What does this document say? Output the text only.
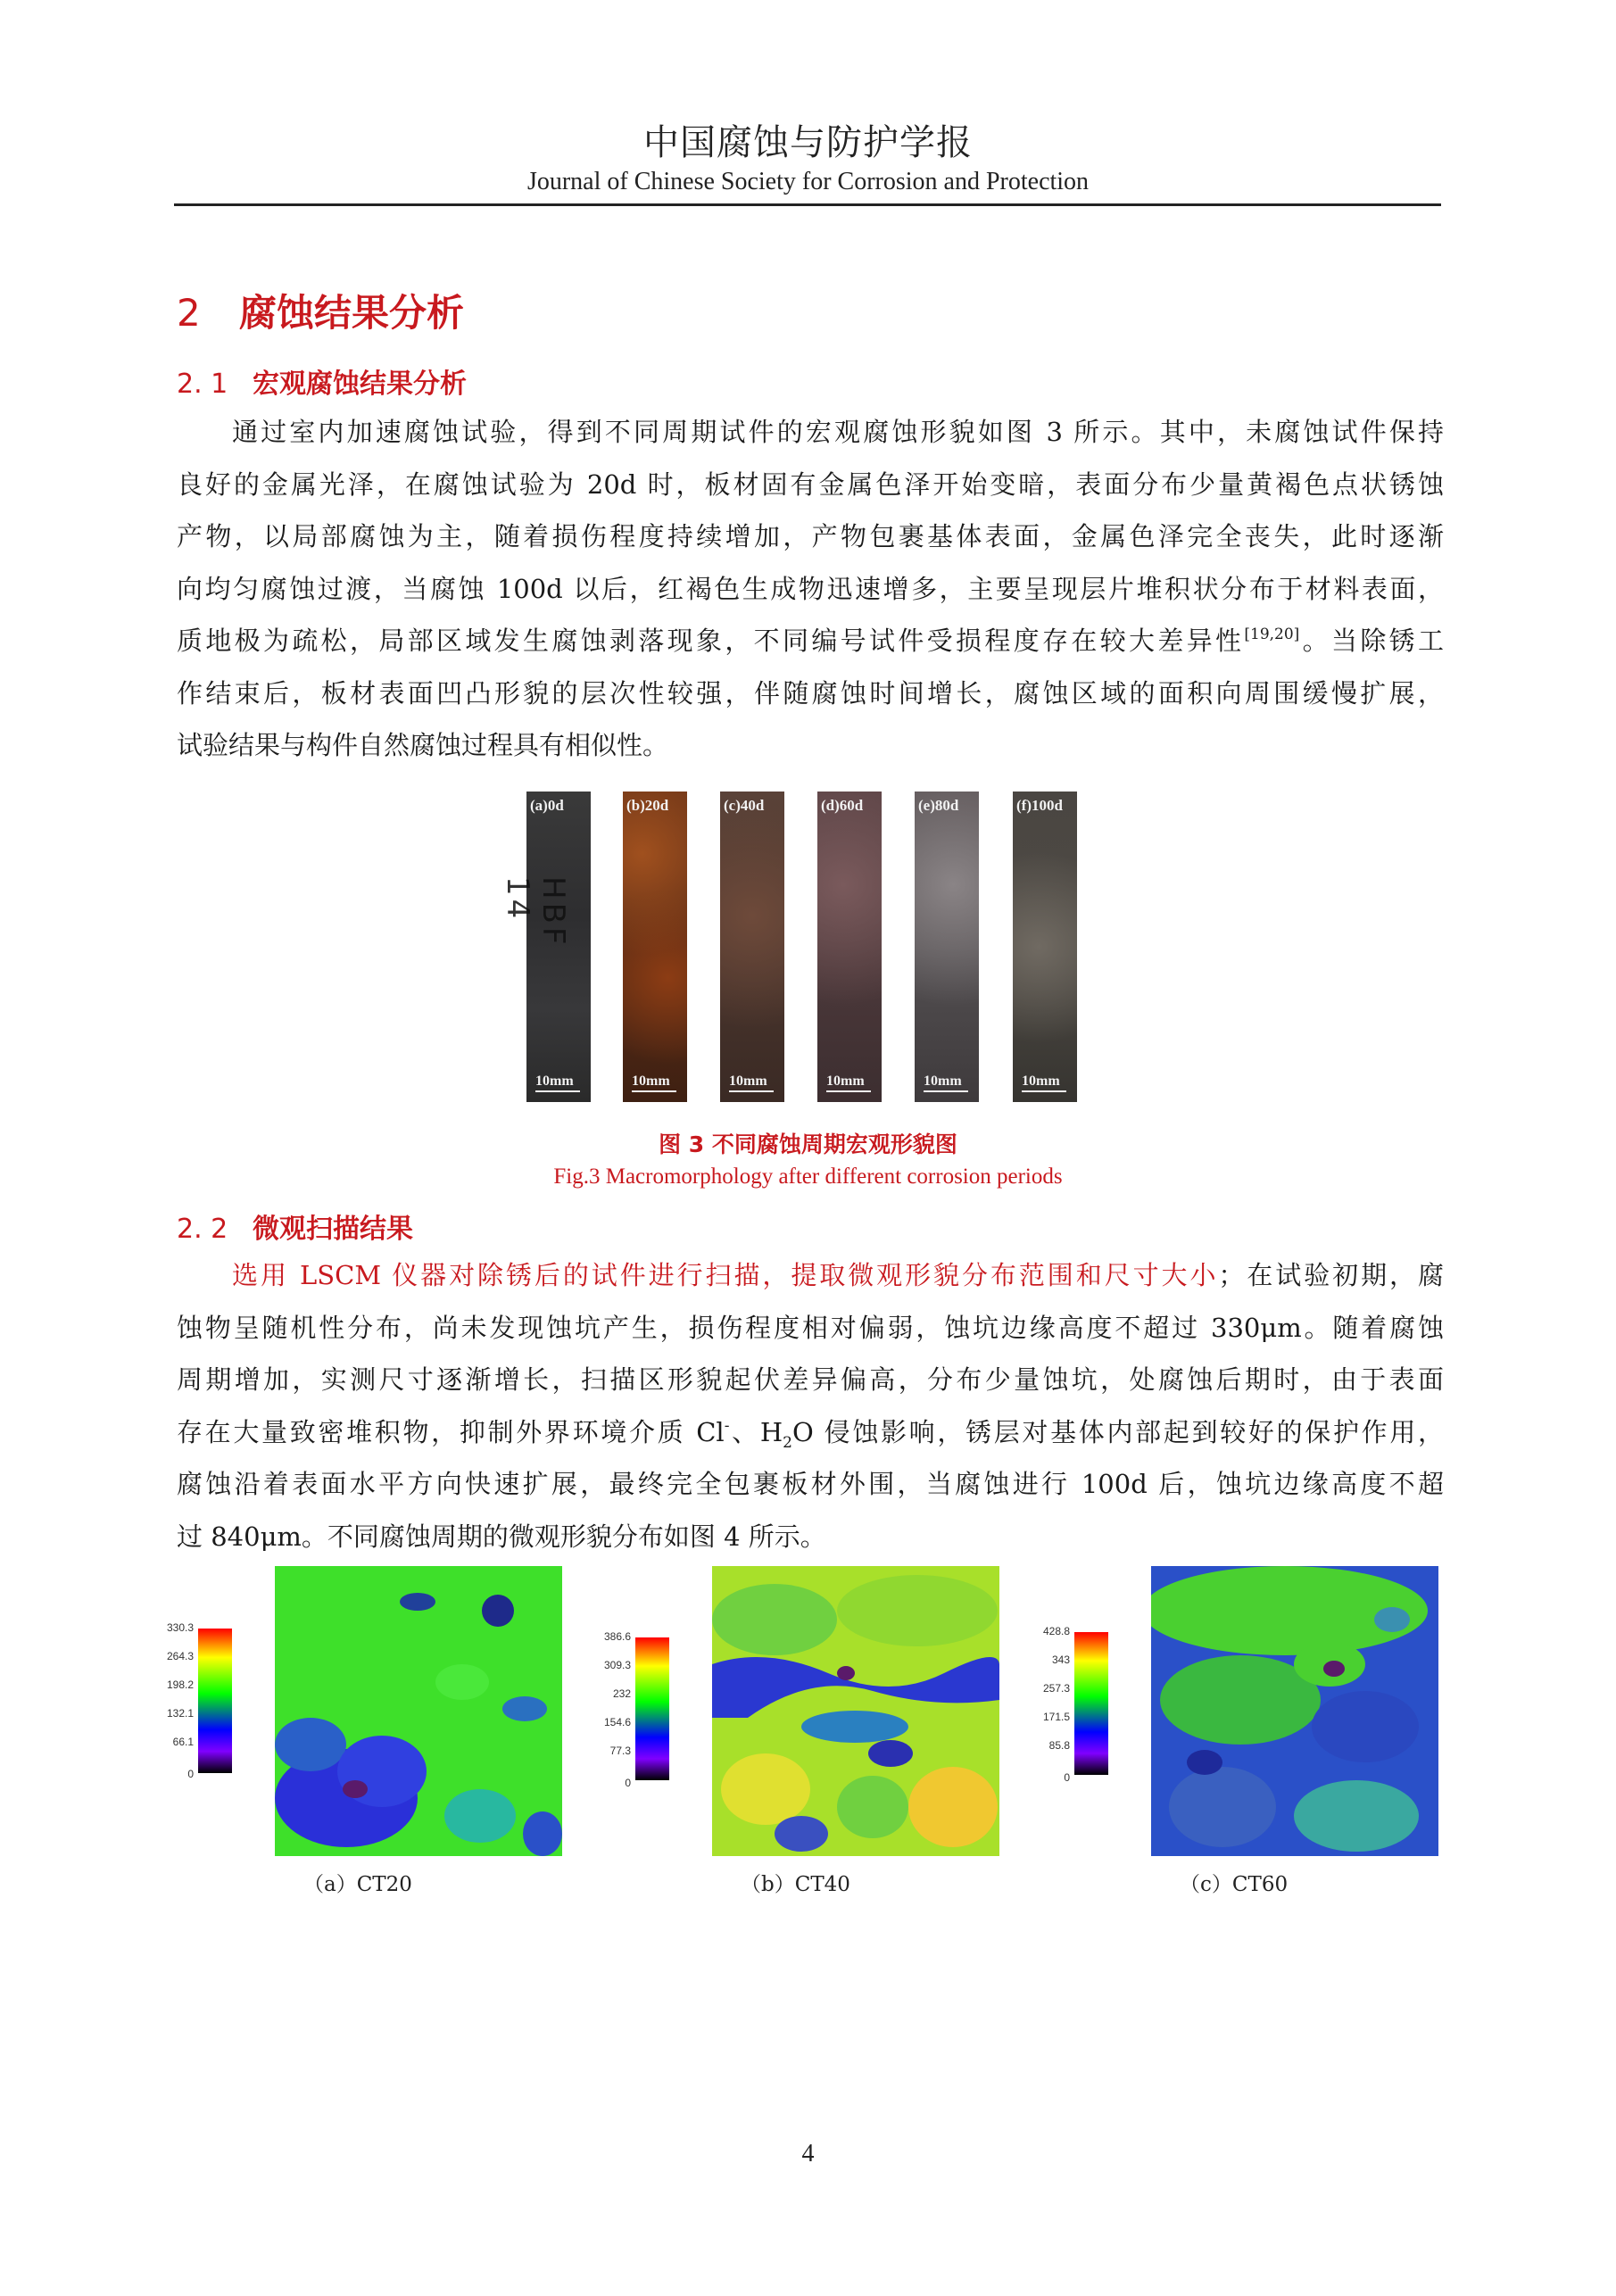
中国腐蚀与防护学报
Journal of Chinese Society for Corrosion and Protection
2 腐蚀结果分析
2. 1 宏观腐蚀结果分析
通过室内加速腐蚀试验，得到不同周期试件的宏观腐蚀形貌如图 3 所示。其中，未腐蚀试件保持
良好的金属光泽，在腐蚀试验为 20d 时，板材固有金属色泽开始变暗，表面分布少量黄褐色点状锈蚀
产物，以局部腐蚀为主，随着损伤程度持续增加，产物包裹基体表面，金属色泽完全丧失，此时逐渐
向均匀腐蚀过渡，当腐蚀 100d 以后，红褐色生成物迅速增多，主要呈现层片堆积状分布于材料表面，
质地极为疏松，局部区域发生腐蚀剥落现象，不同编号试件受损程度存在较大差异性[19,20]。当除锈工
作结束后，板材表面凹凸形貌的层次性较强，伴随腐蚀时间增长，腐蚀区域的面积向周围缓慢扩展，
试验结果与构件自然腐蚀过程具有相似性。
(a)0d
HBF 14
10mm
(b)20d
10mm
(c)40d
10mm
(d)60d
10mm
(e)80d
10mm
(f)100d
10mm
图 3 不同腐蚀周期宏观形貌图
Fig.3 Macromorphology after different corrosion periods
2. 2 微观扫描结果
选用 LSCM 仪器对除锈后的试件进行扫描，提取微观形貌分布范围和尺寸大小；在试验初期，腐
蚀物呈随机性分布，尚未发现蚀坑产生，损伤程度相对偏弱，蚀坑边缘高度不超过 330μm。随着腐蚀
周期增加，实测尺寸逐渐增长，扫描区形貌起伏差异偏高，分布少量蚀坑，处腐蚀后期时，由于表面
存在大量致密堆积物，抑制外界环境介质 Cl-、$H_2O$ 侵蚀影响，锈层对基体内部起到较好的保护作用，
腐蚀沿着表面水平方向快速扩展，最终完全包裹板材外围，当腐蚀进行 100d 后，蚀坑边缘高度不超
过 840μm。不同腐蚀周期的微观形貌分布如图 4 所示。
330.3
264.3
198.2
132.1
66.1
0
（a）CT20
386.6
309.3
232
154.6
77.3
0
（b）CT40
428.8
343
257.3
171.5
85.8
0
（c）CT60
4
